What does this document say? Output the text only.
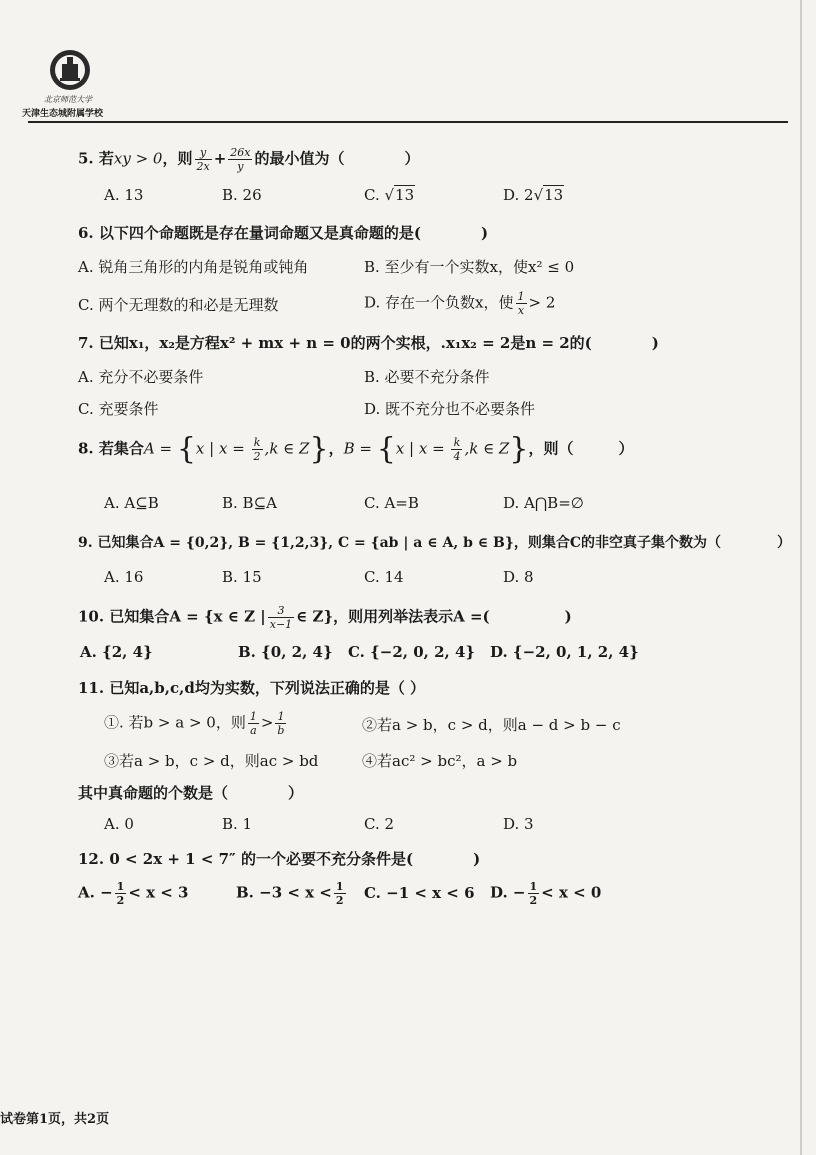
北京师范大学
天津生态城附属学校
5. 若xy > 0，则 $\frac{y}{2x} + \frac{26x}{y}$ 的最小值为（　　　　）
A. 13	B. 26	C. √13	D. 2√13
6. 以下四个命题既是存在量词命题又是真命题的是(　　　　)
A. 锐角三角形的内角是锐角或钝角	B. 至少有一个实数x，使x² ≤ 0
C. 两个无理数的和必是无理数	D. 存在一个负数x，使 $\frac{1}{x} > 2$
7. 已知x₁，x₂是方程x² + mx + n = 0的两个实根，.x₁x₂ = 2是n = 2的(　　　　)
A. 充分不必要条件	B. 必要不充分条件
C. 充要条件	D. 既不充分也不必要条件
8. 若集合A = {x | $x = \frac{k}{2} ,k$ ∈ Z}，B = {x | $x = \frac{k}{4} ,k$ ∈ Z}，则（　　　）
A. A⊆B	B. B⊆A	C. A=B	D. A⋂B=∅
9. 已知集合A = {0,2}, B = {1,2,3}, C = {ab | a ∈ A, b ∈ B}，则集合C的非空真子集个数为（　　　　）
A. 16	B. 15	C. 14	D. 8
10. 已知集合A = {x ∈ Z | $\frac{3}{x-1}$ ∈ Z}，则用列举法表示A =(　　　　　)
A. {2, 4}	B. {0, 2, 4} C. {−2, 0, 2, 4} D. {−2, 0, 1, 2, 4}
11. 已知a,b,c,d均为实数，下列说法正确的是（ ）
①. 若b > a > 0，则 $\frac{1}{a} > \frac{1}{b}$	②若a > b，c > d，则a − d > b − c
③若a > b，c > d，则ac > bd	④若ac² > bc²，a > b
其中真命题的个数是（　　　　）
A. 0	B. 1	C. 2	D. 3
12. 0 < 2x + 1 < 7″ 的一个必要不充分条件是(　　　　)
A. − $\frac{1}{2} < x < 3$	B. $-3 < x < \frac{1}{2} C$. −1 < x < 6 D. − $\frac{1}{2} < x < 0$
试卷第1页，共2页
